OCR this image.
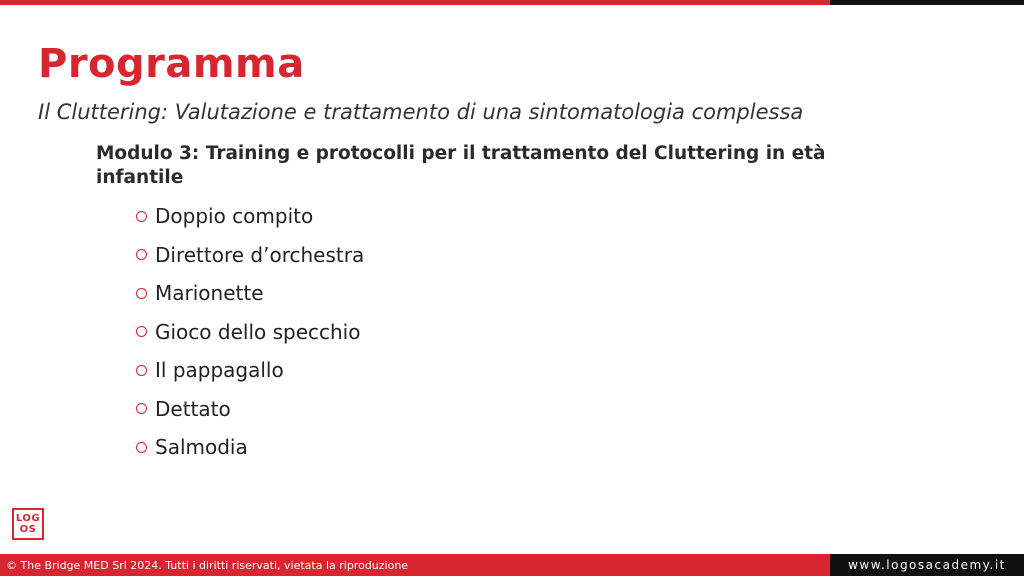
Programma
Il Cluttering: Valutazione e trattamento di una sintomatologia complessa
Modulo 3: Training e protocolli per il trattamento del Cluttering in età infantile
Doppio compito
Direttore d’orchestra
Marionette
Gioco dello specchio
Il pappagallo
Dettato
Salmodia
LOG
OS
© The Bridge MED Srl 2024. Tutti i diritti riservati, vietata la riproduzione	www.logosacademy.it
